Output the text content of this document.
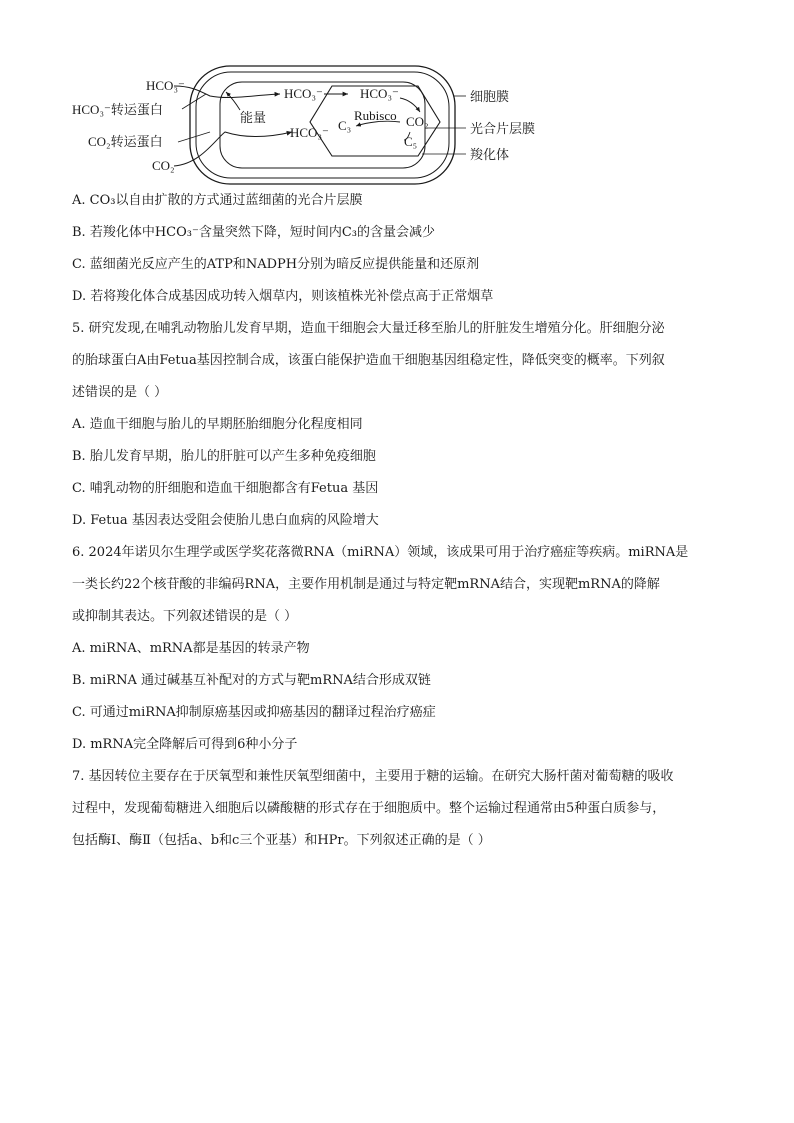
HCO₃⁻
HCO₃⁻转运蛋白
CO₂转运蛋白
CO₂
能量
HCO₃⁻
HCO₃⁻
HCO₃⁻
Rubisco CO₂
C₃
C₅
细胞膜
光合片层膜
羧化体
A. CO₃以自由扩散的方式通过蓝细菌的光合片层膜
B. 若羧化体中HCO₃⁻含量突然下降，短时间内C₃的含量会减少
C. 蓝细菌光反应产生的ATP和NADPH分别为暗反应提供能量和还原剂
D. 若将羧化体合成基因成功转入烟草内，则该植株光补偿点高于正常烟草
5. 研究发现,在哺乳动物胎儿发育早期，造血干细胞会大量迁移至胎儿的肝脏发生增殖分化。肝细胞分泌
的胎球蛋白A由Fetua基因控制合成，该蛋白能保护造血干细胞基因组稳定性，降低突变的概率。下列叙
述错误的是（ ）
A. 造血干细胞与胎儿的早期胚胎细胞分化程度相同
B. 胎儿发育早期，胎儿的肝脏可以产生多种免疫细胞
C. 哺乳动物的肝细胞和造血干细胞都含有Fetua 基因
D. Fetua 基因表达受阻会使胎儿患白血病的风险增大
6. 2024年诺贝尔生理学或医学奖花落微RNA（miRNA）领域，该成果可用于治疗癌症等疾病。miRNA是
一类长约22个核苷酸的非编码RNA，主要作用机制是通过与特定靶mRNA结合，实现靶mRNA的降解
或抑制其表达。下列叙述错误的是（ ）
A. miRNA、mRNA都是基因的转录产物
B. miRNA 通过碱基互补配对的方式与靶mRNA结合形成双链
C. 可通过miRNA抑制原癌基因或抑癌基因的翻译过程治疗癌症
D. mRNA完全降解后可得到6种小分子
7. 基因转位主要存在于厌氧型和兼性厌氧型细菌中，主要用于糖的运输。在研究大肠杆菌对葡萄糖的吸收
过程中，发现葡萄糖进入细胞后以磷酸糖的形式存在于细胞质中。整个运输过程通常由5种蛋白质参与，
包括酶Ⅰ、酶Ⅱ（包括a、b和c三个亚基）和HPr。下列叙述正确的是（ ）
